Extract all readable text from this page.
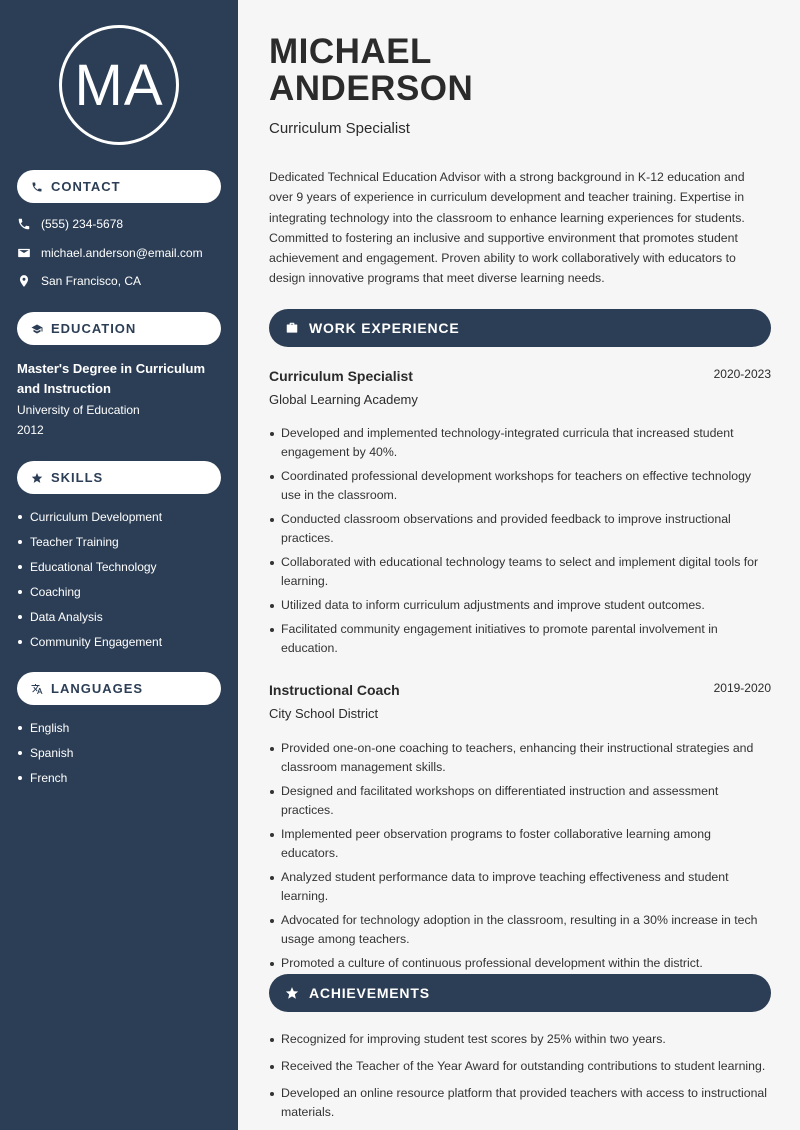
MA
CONTACT
(555) 234-5678
michael.anderson@email.com
San Francisco, CA
EDUCATION
Master's Degree in Curriculum and Instruction
University of Education
2012
SKILLS
Curriculum Development
Teacher Training
Educational Technology
Coaching
Data Analysis
Community Engagement
LANGUAGES
English
Spanish
French
MICHAEL
ANDERSON
Curriculum Specialist

Dedicated Technical Education Advisor with a strong background in K-12 education and over 9 years of experience in curriculum development and teacher training. Expertise in integrating technology into the classroom to enhance learning experiences for students. Committed to fostering an inclusive and supportive environment that promotes student achievement and engagement. Proven ability to work collaboratively with educators to design innovative programs that meet diverse learning needs.

WORK EXPERIENCE
Curriculum Specialist	2020-2023
Global Learning Academy
Developed and implemented technology-integrated curricula that increased student engagement by 40%.
Coordinated professional development workshops for teachers on effective technology use in the classroom.
Conducted classroom observations and provided feedback to improve instructional practices.
Collaborated with educational technology teams to select and implement digital tools for learning.
Utilized data to inform curriculum adjustments and improve student outcomes.
Facilitated community engagement initiatives to promote parental involvement in education.
Instructional Coach	2019-2020
City School District
Provided one-on-one coaching to teachers, enhancing their instructional strategies and classroom management skills.
Designed and facilitated workshops on differentiated instruction and assessment practices.
Implemented peer observation programs to foster collaborative learning among educators.
Analyzed student performance data to improve teaching effectiveness and student learning.
Advocated for technology adoption in the classroom, resulting in a 30% increase in tech usage among teachers.
Promoted a culture of continuous professional development within the district.
ACHIEVEMENTS
Recognized for improving student test scores by 25% within two years.
Received the Teacher of the Year Award for outstanding contributions to student learning.
Developed an online resource platform that provided teachers with access to instructional materials.
